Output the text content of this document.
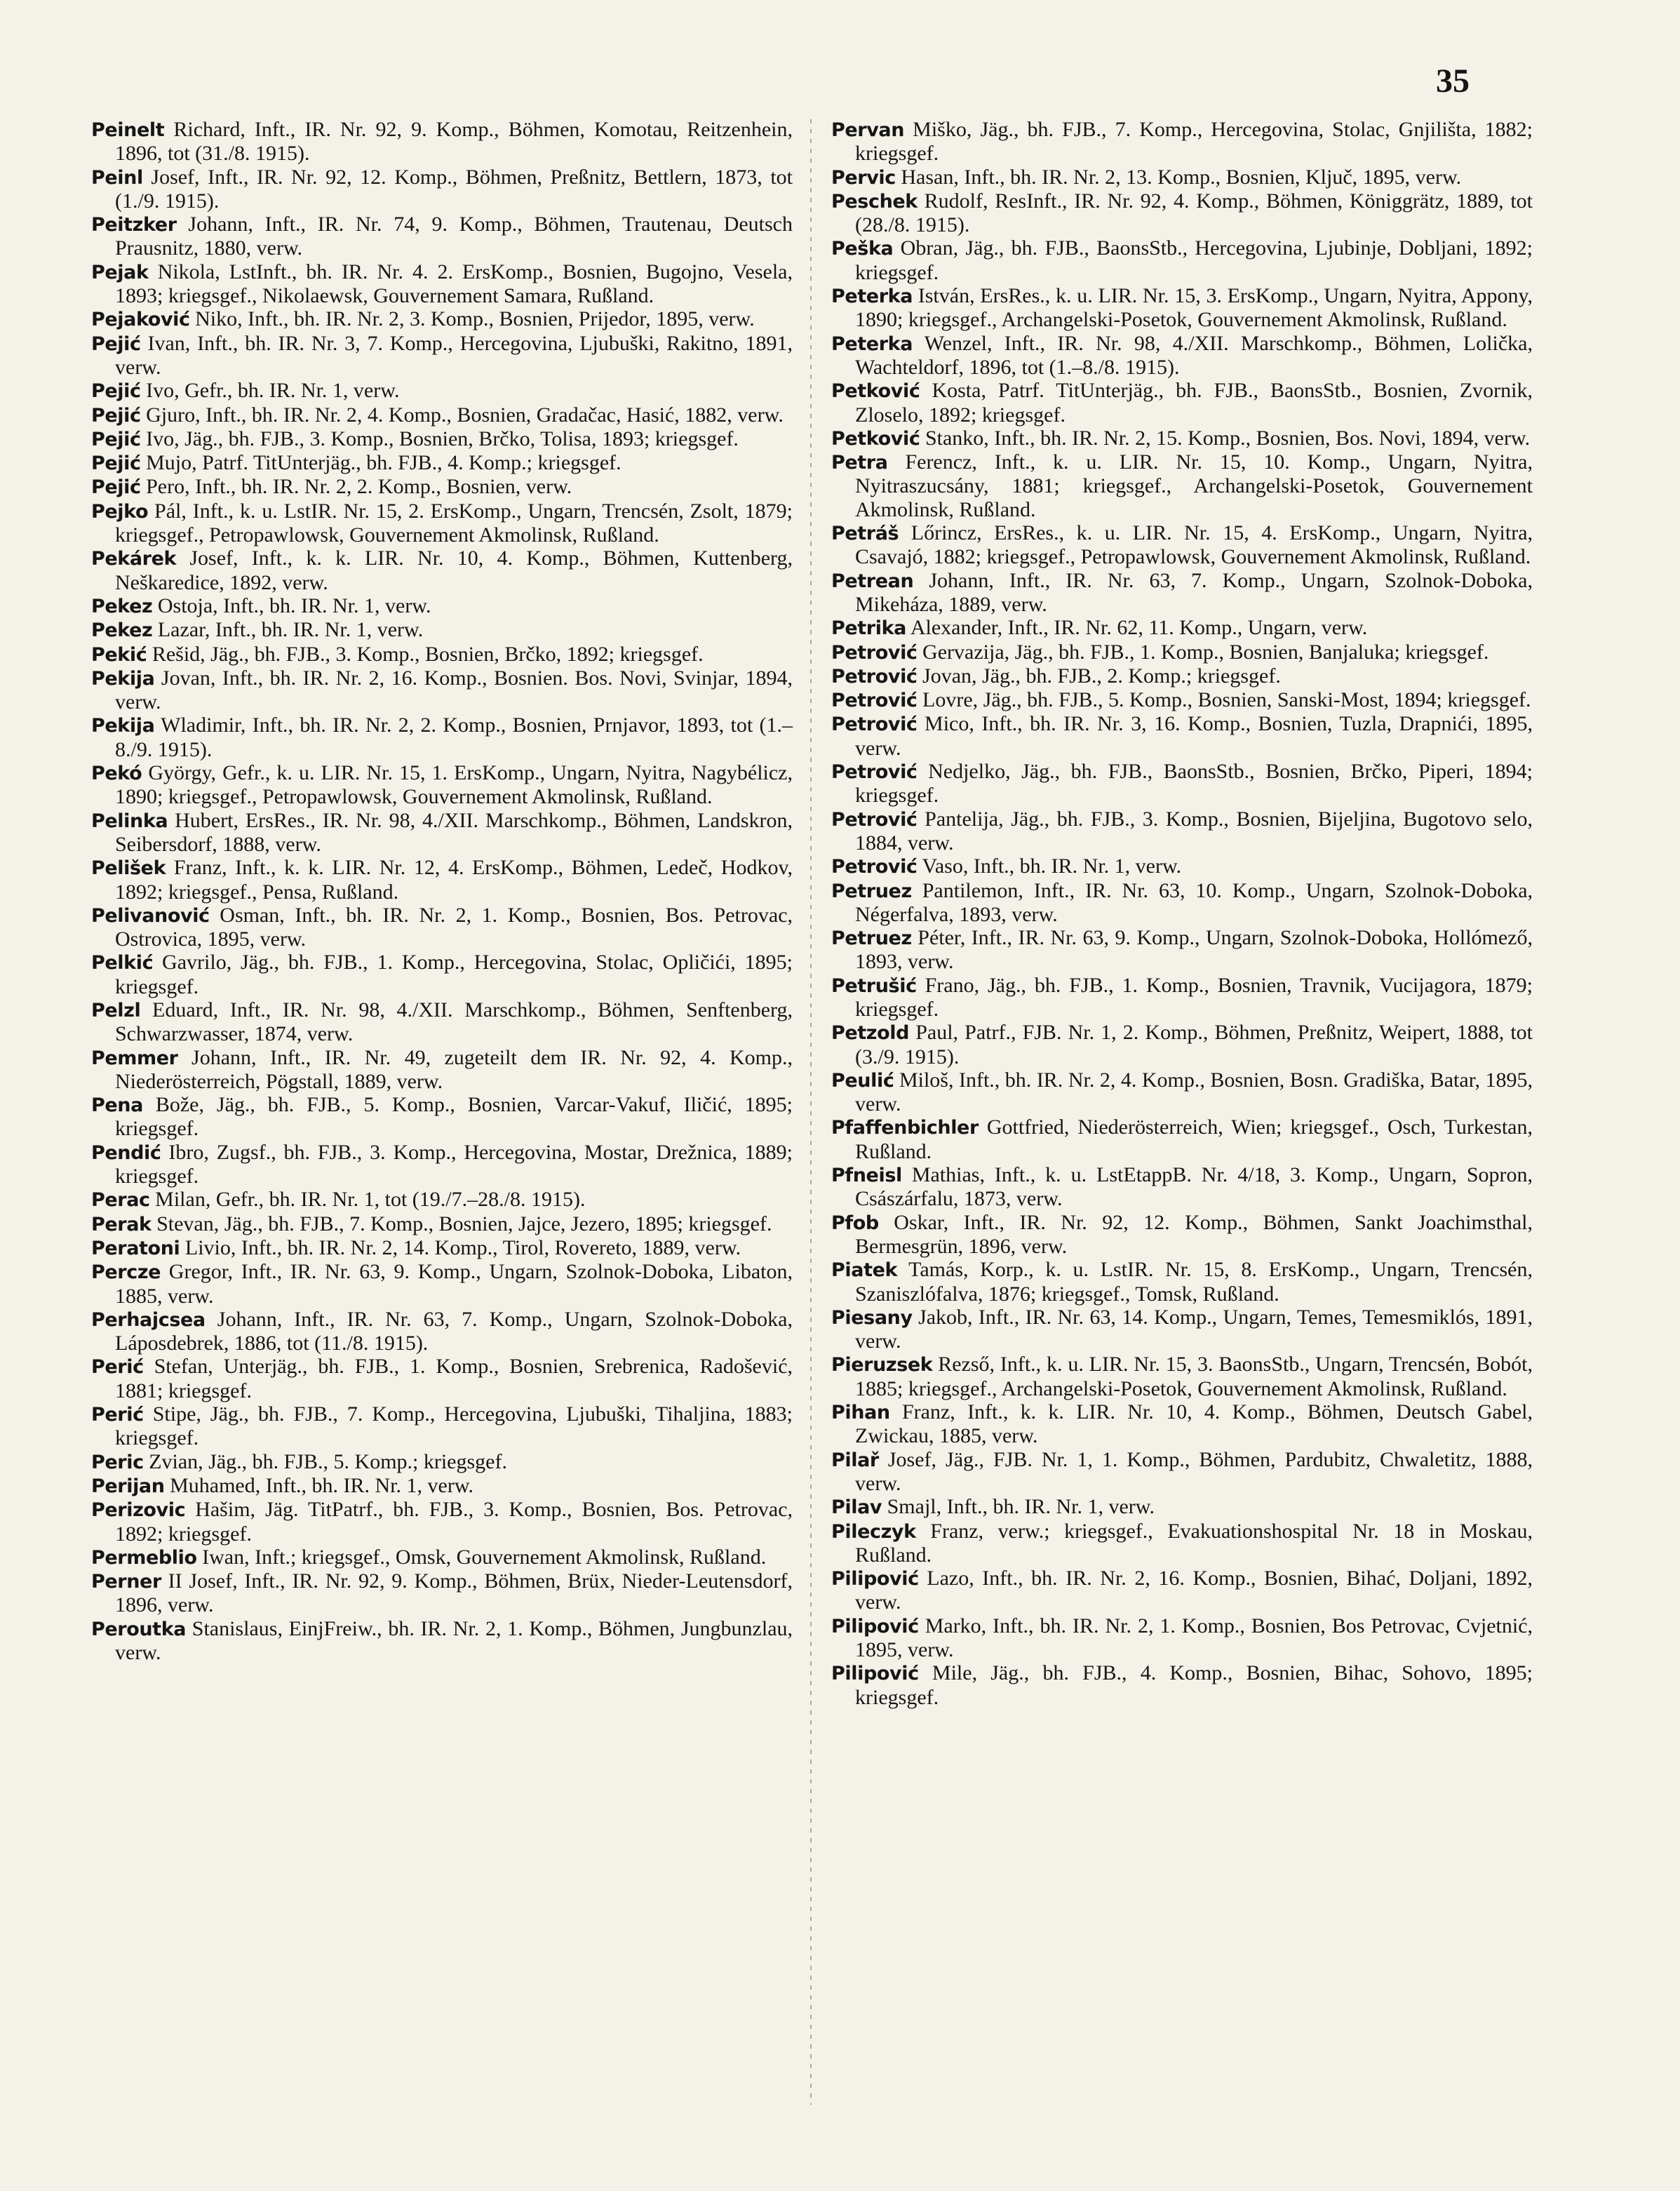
35

Peinelt Richard, Inft., IR. Nr. 92, 9. Komp., Böhmen, Komotau, Reitzenhein, 1896, tot (31./8. 1915).

Peinl Josef, Inft., IR. Nr. 92, 12. Komp., Böhmen, Preßnitz, Bettlern, 1873, tot (1./9. 1915).

Peitzker Johann, Inft., IR. Nr. 74, 9. Komp., Böhmen, Trautenau, Deutsch Prausnitz, 1880, verw.

Pejak Nikola, LstInft., bh. IR. Nr. 4. 2. ErsKomp., Bosnien, Bugojno, Vesela, 1893; kriegsgef., Nikolaewsk, Gouvernement Samara, Rußland.

Pejaković Niko, Inft., bh. IR. Nr. 2, 3. Komp., Bosnien, Prijedor, 1895, verw.

Pejić Ivan, Inft., bh. IR. Nr. 3, 7. Komp., Hercegovina, Ljubuški, Rakitno, 1891, verw.

Pejić Ivo, Gefr., bh. IR. Nr. 1, verw.

Pejić Gjuro, Inft., bh. IR. Nr. 2, 4. Komp., Bosnien, Gradačac, Hasić, 1882, verw.

Pejić Ivo, Jäg., bh. FJB., 3. Komp., Bosnien, Brčko, Tolisa, 1893; kriegsgef.

Pejić Mujo, Patrf. TitUnterjäg., bh. FJB., 4. Komp.; kriegsgef.

Pejić Pero, Inft., bh. IR. Nr. 2, 2. Komp., Bosnien, verw.

Pejko Pál, Inft., k. u. LstIR. Nr. 15, 2. ErsKomp., Ungarn, Trencsén, Zsolt, 1879; kriegsgef., Petropawlowsk, Gouvernement Akmolinsk, Rußland.

Pekárek Josef, Inft., k. k. LIR. Nr. 10, 4. Komp., Böhmen, Kuttenberg, Neškaredice, 1892, verw.

Pekez Ostoja, Inft., bh. IR. Nr. 1, verw.

Pekez Lazar, Inft., bh. IR. Nr. 1, verw.

Pekić Rešid, Jäg., bh. FJB., 3. Komp., Bosnien, Brčko, 1892; kriegsgef.

Pekija Jovan, Inft., bh. IR. Nr. 2, 16. Komp., Bosnien. Bos. Novi, Svinjar, 1894, verw.

Pekija Wladimir, Inft., bh. IR. Nr. 2, 2. Komp., Bosnien, Prnjavor, 1893, tot (1.–8./9. 1915).

Pekó György, Gefr., k. u. LIR. Nr. 15, 1. ErsKomp., Ungarn, Nyitra, Nagybélicz, 1890; kriegsgef., Petropawlowsk, Gouvernement Akmolinsk, Rußland.

Pelinka Hubert, ErsRes., IR. Nr. 98, 4./XII. Marschkomp., Böhmen, Landskron, Seibersdorf, 1888, verw.

Pelišek Franz, Inft., k. k. LIR. Nr. 12, 4. ErsKomp., Böhmen, Ledeč, Hodkov, 1892; kriegsgef., Pensa, Rußland.

Pelivanović Osman, Inft., bh. IR. Nr. 2, 1. Komp., Bosnien, Bos. Petrovac, Ostrovica, 1895, verw.

Pelkić Gavrilo, Jäg., bh. FJB., 1. Komp., Hercegovina, Stolac, Opličići, 1895; kriegsgef.

Pelzl Eduard, Inft., IR. Nr. 98, 4./XII. Marschkomp., Böhmen, Senftenberg, Schwarzwasser, 1874, verw.

Pemmer Johann, Inft., IR. Nr. 49, zugeteilt dem IR. Nr. 92, 4. Komp., Niederösterreich, Pögstall, 1889, verw.

Pena Bože, Jäg., bh. FJB., 5. Komp., Bosnien, Varcar-Vakuf, Iličić, 1895; kriegsgef.

Pendić Ibro, Zugsf., bh. FJB., 3. Komp., Hercegovina, Mostar, Drežnica, 1889; kriegsgef.

Perac Milan, Gefr., bh. IR. Nr. 1, tot (19./7.–28./8. 1915).

Perak Stevan, Jäg., bh. FJB., 7. Komp., Bosnien, Jajce, Jezero, 1895; kriegsgef.

Peratoni Livio, Inft., bh. IR. Nr. 2, 14. Komp., Tirol, Rovereto, 1889, verw.

Percze Gregor, Inft., IR. Nr. 63, 9. Komp., Ungarn, Szolnok-Doboka, Libaton, 1885, verw.

Perhajcsea Johann, Inft., IR. Nr. 63, 7. Komp., Ungarn, Szolnok-Doboka, Láposdebrek, 1886, tot (11./8. 1915).

Perić Stefan, Unterjäg., bh. FJB., 1. Komp., Bosnien, Srebrenica, Radošević, 1881; kriegsgef.

Perić Stipe, Jäg., bh. FJB., 7. Komp., Hercegovina, Ljubuški, Tihaljina, 1883; kriegsgef.

Peric Zvian, Jäg., bh. FJB., 5. Komp.; kriegsgef.

Perijan Muhamed, Inft., bh. IR. Nr. 1, verw.

Perizovic Hašim, Jäg. TitPatrf., bh. FJB., 3. Komp., Bosnien, Bos. Petrovac, 1892; kriegsgef.

Permeblio Iwan, Inft.; kriegsgef., Omsk, Gouvernement Akmolinsk, Rußland.

Perner II Josef, Inft., IR. Nr. 92, 9. Komp., Böhmen, Brüx, Nieder-Leutensdorf, 1896, verw.

Peroutka Stanislaus, EinjFreiw., bh. IR. Nr. 2, 1. Komp., Böhmen, Jungbunzlau, verw.

Pervan Miško, Jäg., bh. FJB., 7. Komp., Hercegovina, Stolac, Gnjilišta, 1882; kriegsgef.

Pervic Hasan, Inft., bh. IR. Nr. 2, 13. Komp., Bosnien, Ključ, 1895, verw.

Peschek Rudolf, ResInft., IR. Nr. 92, 4. Komp., Böhmen, Königgrätz, 1889, tot (28./8. 1915).

Peška Obran, Jäg., bh. FJB., BaonsStb., Hercegovina, Ljubinje, Dobljani, 1892; kriegsgef.

Peterka István, ErsRes., k. u. LIR. Nr. 15, 3. ErsKomp., Ungarn, Nyitra, Appony, 1890; kriegsgef., Archangelski-Posetok, Gouvernement Akmolinsk, Rußland.

Peterka Wenzel, Inft., IR. Nr. 98, 4./XII. Marschkomp., Böhmen, Lolička, Wachteldorf, 1896, tot (1.–8./8. 1915).

Petković Kosta, Patrf. TitUnterjäg., bh. FJB., BaonsStb., Bosnien, Zvornik, Zloselo, 1892; kriegsgef.

Petković Stanko, Inft., bh. IR. Nr. 2, 15. Komp., Bosnien, Bos. Novi, 1894, verw.

Petra Ferencz, Inft., k. u. LIR. Nr. 15, 10. Komp., Ungarn, Nyitra, Nyitraszucsány, 1881; kriegsgef., Archangelski-Posetok, Gouvernement Akmolinsk, Rußland.

Petráš Lőrincz, ErsRes., k. u. LIR. Nr. 15, 4. ErsKomp., Ungarn, Nyitra, Csavajó, 1882; kriegsgef., Petropawlowsk, Gouvernement Akmolinsk, Rußland.

Petrean Johann, Inft., IR. Nr. 63, 7. Komp., Ungarn, Szolnok-Doboka, Mikeháza, 1889, verw.

Petrika Alexander, Inft., IR. Nr. 62, 11. Komp., Ungarn, verw.

Petrović Gervazija, Jäg., bh. FJB., 1. Komp., Bosnien, Banjaluka; kriegsgef.

Petrović Jovan, Jäg., bh. FJB., 2. Komp.; kriegsgef.

Petrović Lovre, Jäg., bh. FJB., 5. Komp., Bosnien, Sanski-Most, 1894; kriegsgef.

Petrović Mico, Inft., bh. IR. Nr. 3, 16. Komp., Bosnien, Tuzla, Drapnići, 1895, verw.

Petrović Nedjelko, Jäg., bh. FJB., BaonsStb., Bosnien, Brčko, Piperi, 1894; kriegsgef.

Petrović Pantelija, Jäg., bh. FJB., 3. Komp., Bosnien, Bijeljina, Bugotovo selo, 1884, verw.

Petrović Vaso, Inft., bh. IR. Nr. 1, verw.

Petruez Pantilemon, Inft., IR. Nr. 63, 10. Komp., Ungarn, Szolnok-Doboka, Négerfalva, 1893, verw.

Petruez Péter, Inft., IR. Nr. 63, 9. Komp., Ungarn, Szolnok-Doboka, Hollómező, 1893, verw.

Petrušić Frano, Jäg., bh. FJB., 1. Komp., Bosnien, Travnik, Vucijagora, 1879; kriegsgef.

Petzold Paul, Patrf., FJB. Nr. 1, 2. Komp., Böhmen, Preßnitz, Weipert, 1888, tot (3./9. 1915).

Peulić Miloš, Inft., bh. IR. Nr. 2, 4. Komp., Bosnien, Bosn. Gradiška, Batar, 1895, verw.

Pfaffenbichler Gottfried, Niederösterreich, Wien; kriegsgef., Osch, Turkestan, Rußland.

Pfneisl Mathias, Inft., k. u. LstEtappB. Nr. 4/18, 3. Komp., Ungarn, Sopron, Császárfalu, 1873, verw.

Pfob Oskar, Inft., IR. Nr. 92, 12. Komp., Böhmen, Sankt Joachimsthal, Bermesgrün, 1896, verw.

Piatek Tamás, Korp., k. u. LstIR. Nr. 15, 8. ErsKomp., Ungarn, Trencsén, Szaniszlófalva, 1876; kriegsgef., Tomsk, Rußland.

Piesany Jakob, Inft., IR. Nr. 63, 14. Komp., Ungarn, Temes, Temesmiklós, 1891, verw.

Pieruzsek Rezső, Inft., k. u. LIR. Nr. 15, 3. BaonsStb., Ungarn, Trencsén, Bobót, 1885; kriegsgef., Archangelski-Posetok, Gouvernement Akmolinsk, Rußland.

Pihan Franz, Inft., k. k. LIR. Nr. 10, 4. Komp., Böhmen, Deutsch Gabel, Zwickau, 1885, verw.

Pilař Josef, Jäg., FJB. Nr. 1, 1. Komp., Böhmen, Pardubitz, Chwaletitz, 1888, verw.

Pilav Smajl, Inft., bh. IR. Nr. 1, verw.

Pileczyk Franz, verw.; kriegsgef., Evakuationshospital Nr. 18 in Moskau, Rußland.

Pilipović Lazo, Inft., bh. IR. Nr. 2, 16. Komp., Bosnien, Bihać, Doljani, 1892, verw.

Pilipović Marko, Inft., bh. IR. Nr. 2, 1. Komp., Bosnien, Bos Petrovac, Cvjetnić, 1895, verw.

Pilipović Mile, Jäg., bh. FJB., 4. Komp., Bosnien, Bihac, Sohovo, 1895; kriegsgef.
